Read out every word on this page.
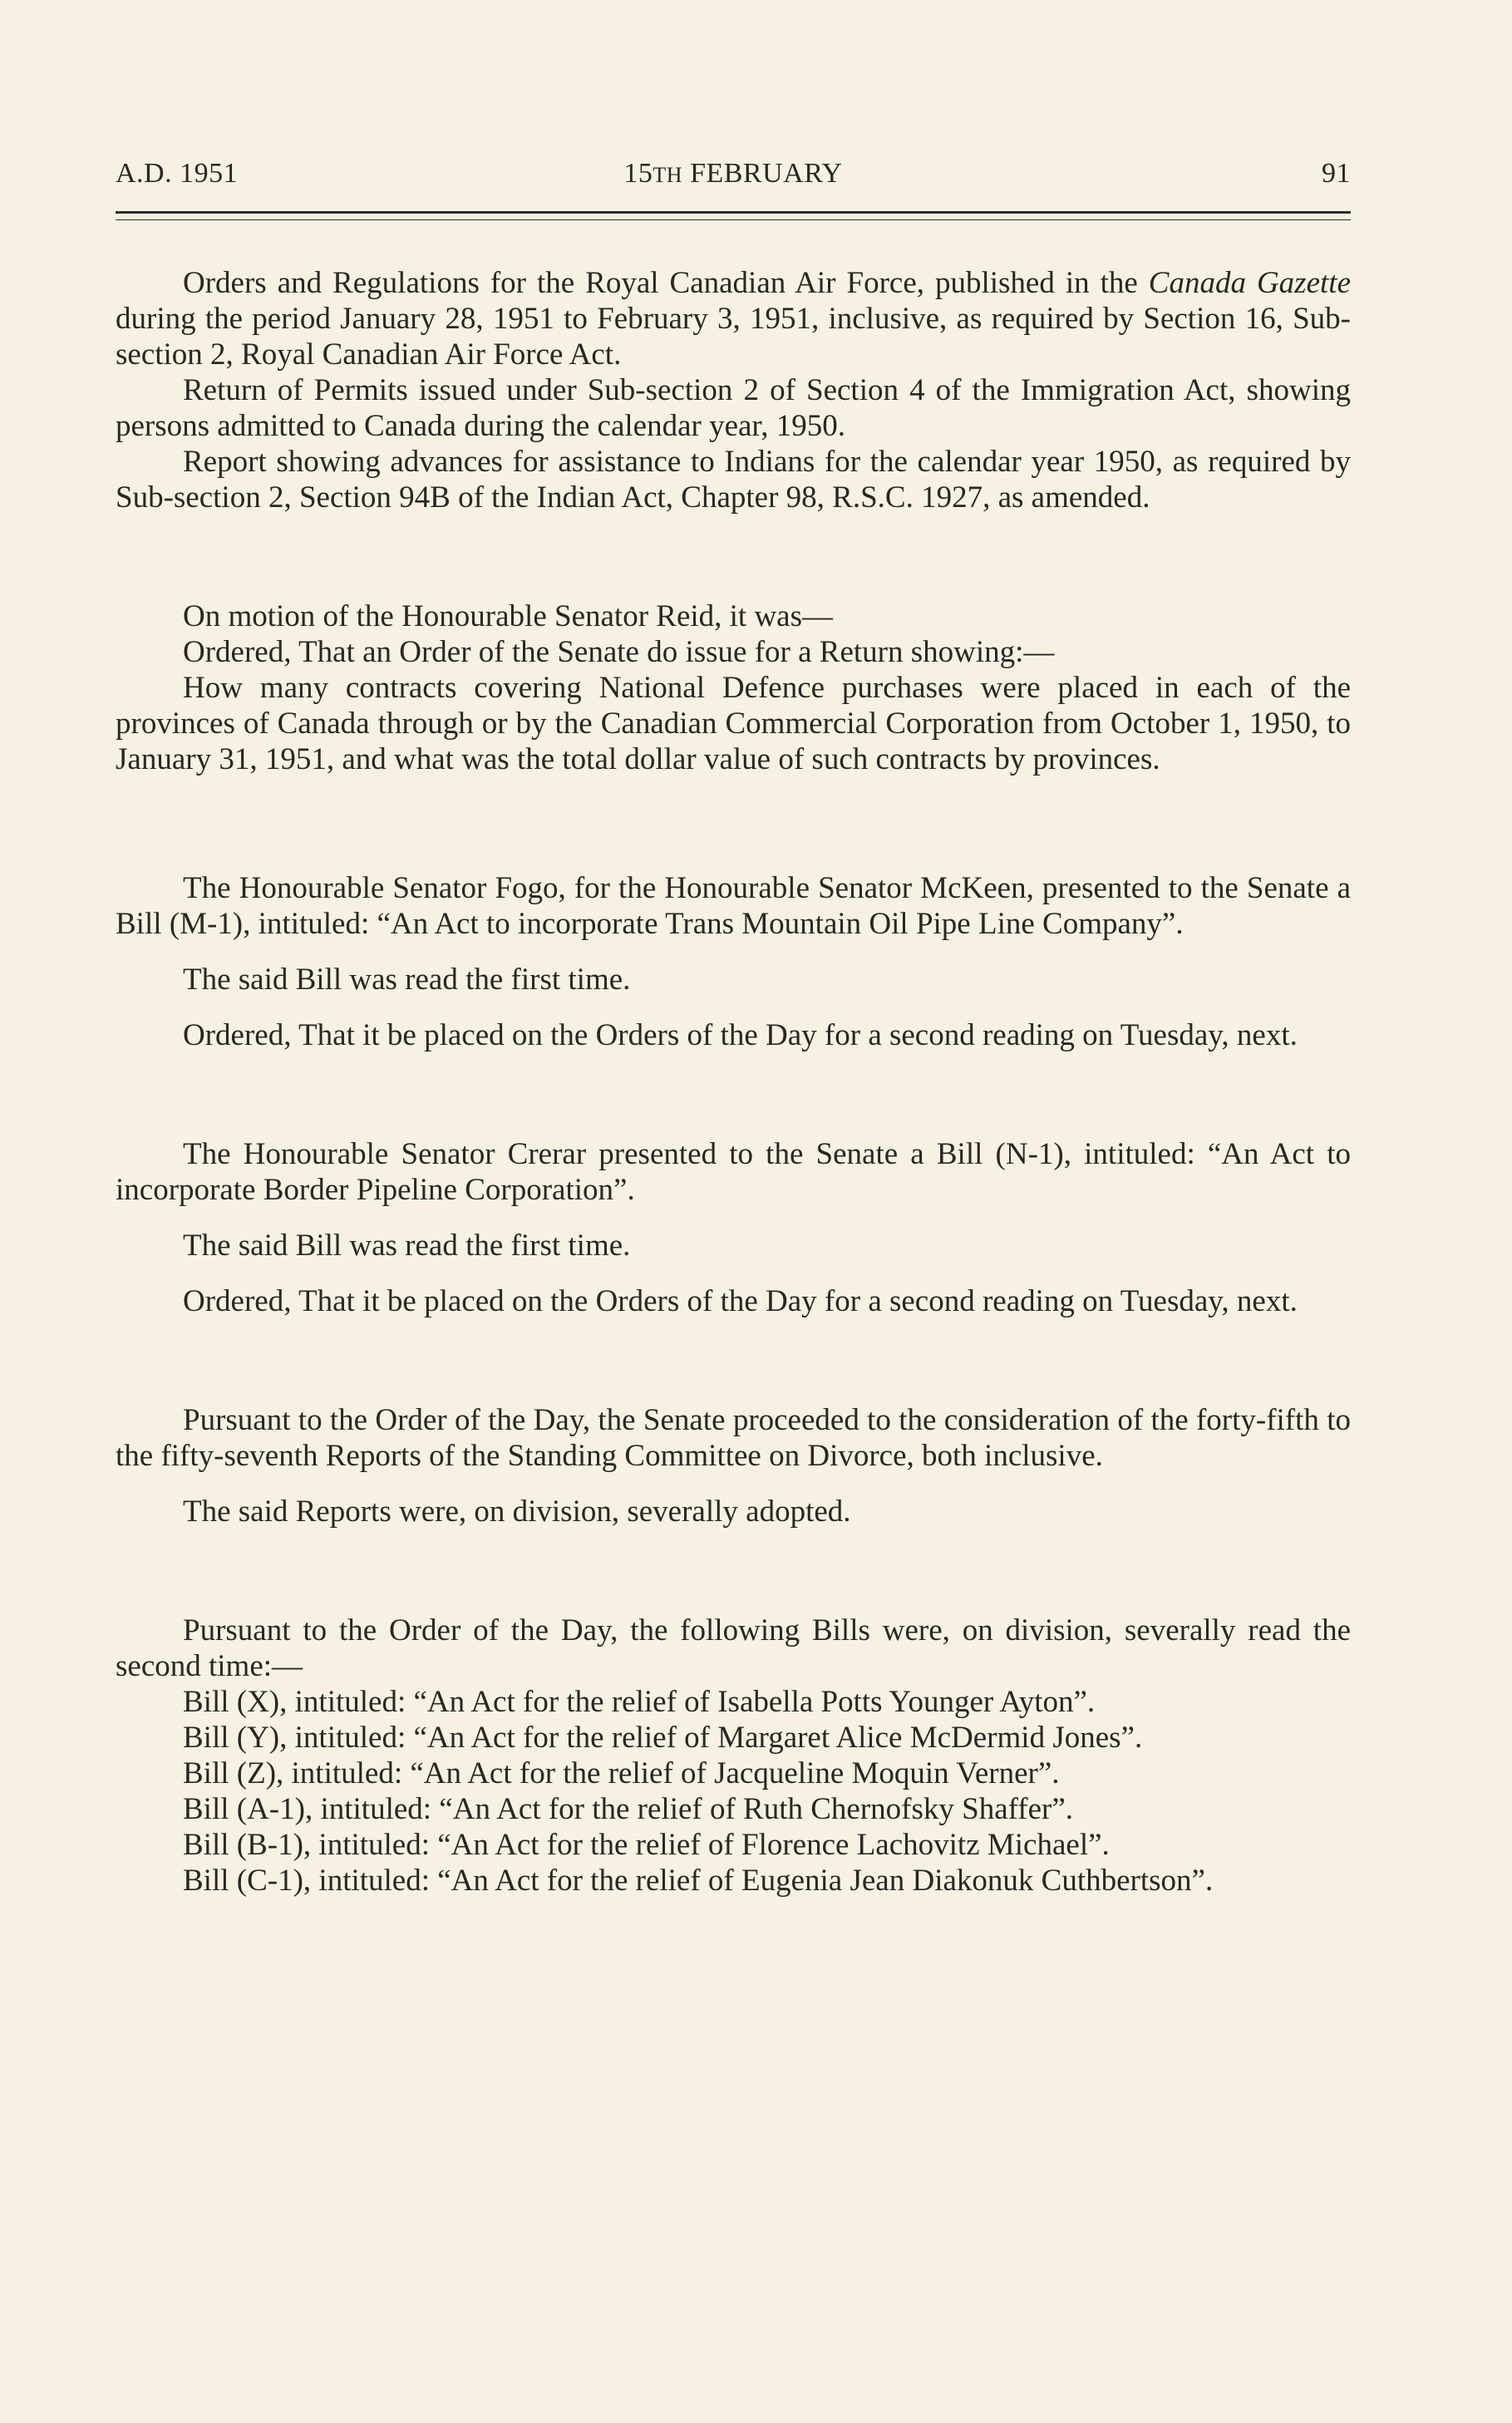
A.D. 1951	15TH FEBRUARY	91

Orders and Regulations for the Royal Canadian Air Force, published in the Canada Gazette during the period January 28, 1951 to February 3, 1951, inclusive, as required by Section 16, Sub-section 2, Royal Canadian Air Force Act.

Return of Permits issued under Sub-section 2 of Section 4 of the Immigration Act, showing persons admitted to Canada during the calendar year, 1950.

Report showing advances for assistance to Indians for the calendar year 1950, as required by Sub-section 2, Section 94B of the Indian Act, Chapter 98, R.S.C. 1927, as amended.

On motion of the Honourable Senator Reid, it was—

Ordered, That an Order of the Senate do issue for a Return showing:—

How many contracts covering National Defence purchases were placed in each of the provinces of Canada through or by the Canadian Commercial Corporation from October 1, 1950, to January 31, 1951, and what was the total dollar value of such contracts by provinces.

The Honourable Senator Fogo, for the Honourable Senator McKeen, presented to the Senate a Bill (M-1), intituled: “An Act to incorporate Trans Mountain Oil Pipe Line Company”.

The said Bill was read the first time.

Ordered, That it be placed on the Orders of the Day for a second reading on Tuesday, next.

The Honourable Senator Crerar presented to the Senate a Bill (N-1), intituled: “An Act to incorporate Border Pipeline Corporation”.

The said Bill was read the first time.

Ordered, That it be placed on the Orders of the Day for a second reading on Tuesday, next.

Pursuant to the Order of the Day, the Senate proceeded to the consideration of the forty-fifth to the fifty-seventh Reports of the Standing Committee on Divorce, both inclusive.

The said Reports were, on division, severally adopted.

Pursuant to the Order of the Day, the following Bills were, on division, severally read the second time:—

Bill (X), intituled: “An Act for the relief of Isabella Potts Younger Ayton”.

Bill (Y), intituled: “An Act for the relief of Margaret Alice McDermid Jones”.

Bill (Z), intituled: “An Act for the relief of Jacqueline Moquin Verner”.

Bill (A-1), intituled: “An Act for the relief of Ruth Chernofsky Shaffer”.

Bill (B-1), intituled: “An Act for the relief of Florence Lachovitz Michael”.

Bill (C-1), intituled: “An Act for the relief of Eugenia Jean Diakonuk Cuthbertson”.
